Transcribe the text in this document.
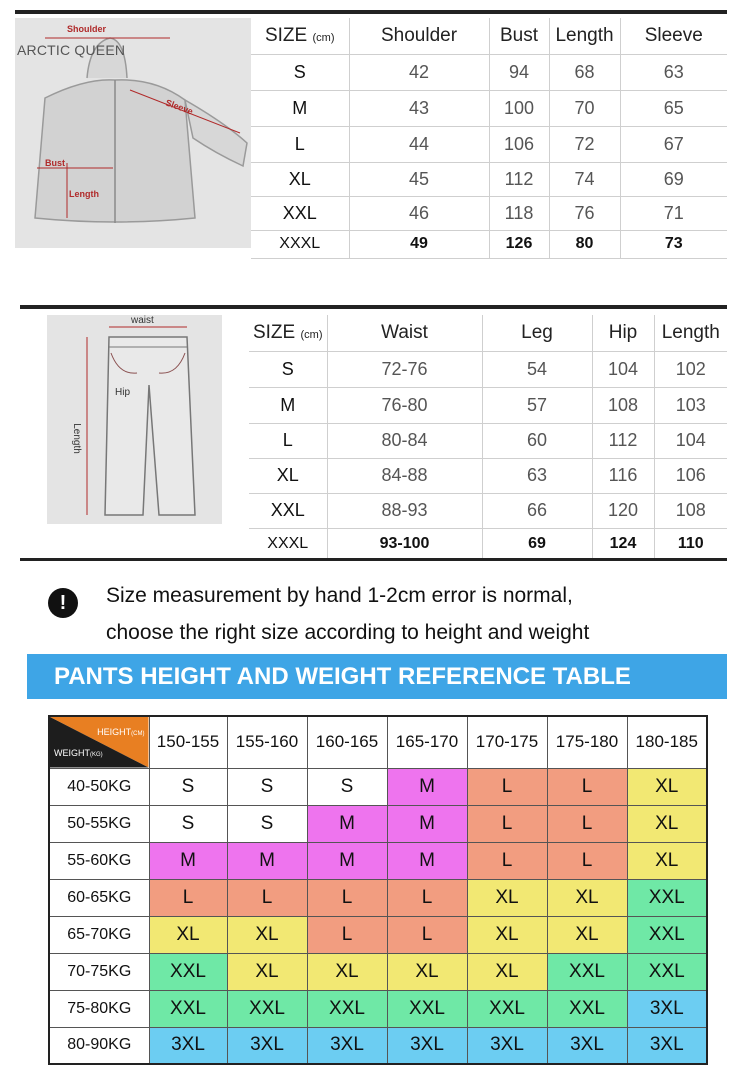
Shoulder
ARCTIC QUEEN
Sleeve
Bust
Length
SIZE (cm)	Shoulder	Bust	Length	Sleeve
S	42	94	68	63
M	43	100	70	65
L	44	106	72	67
XL	45	112	74	69
XXL	46	118	76	71
XXXL	49	126	80	73
waist
Hip
Length
SIZE (cm)	Waist	Leg	Hip	Length
S	72-76	54	104	102
M	76-80	57	108	103
L	80-84	60	112	104
XL	84-88	63	116	106
XXL	88-93	66	120	108
XXXL	93-100	69	124	110
!	Size measurement by hand 1-2cm error is normal,
choose the right size according to height and weight
PANTS HEIGHT AND WEIGHT REFERENCE TABLE
HEIGHT(CM)
WEIGHT(KG)	150-155	155-160	160-165	165-170	170-175	175-180	180-185
40-50KG	S	S	S	M	L	L	XL
50-55KG	S	S	M	M	L	L	XL
55-60KG	M	M	M	M	L	L	XL
60-65KG	L	L	L	L	XL	XL	XXL
65-70KG	XL	XL	L	L	XL	XL	XXL
70-75KG	XXL	XL	XL	XL	XL	XXL	XXL
75-80KG	XXL	XXL	XXL	XXL	XXL	XXL	3XL
80-90KG	3XL	3XL	3XL	3XL	3XL	3XL	3XL
